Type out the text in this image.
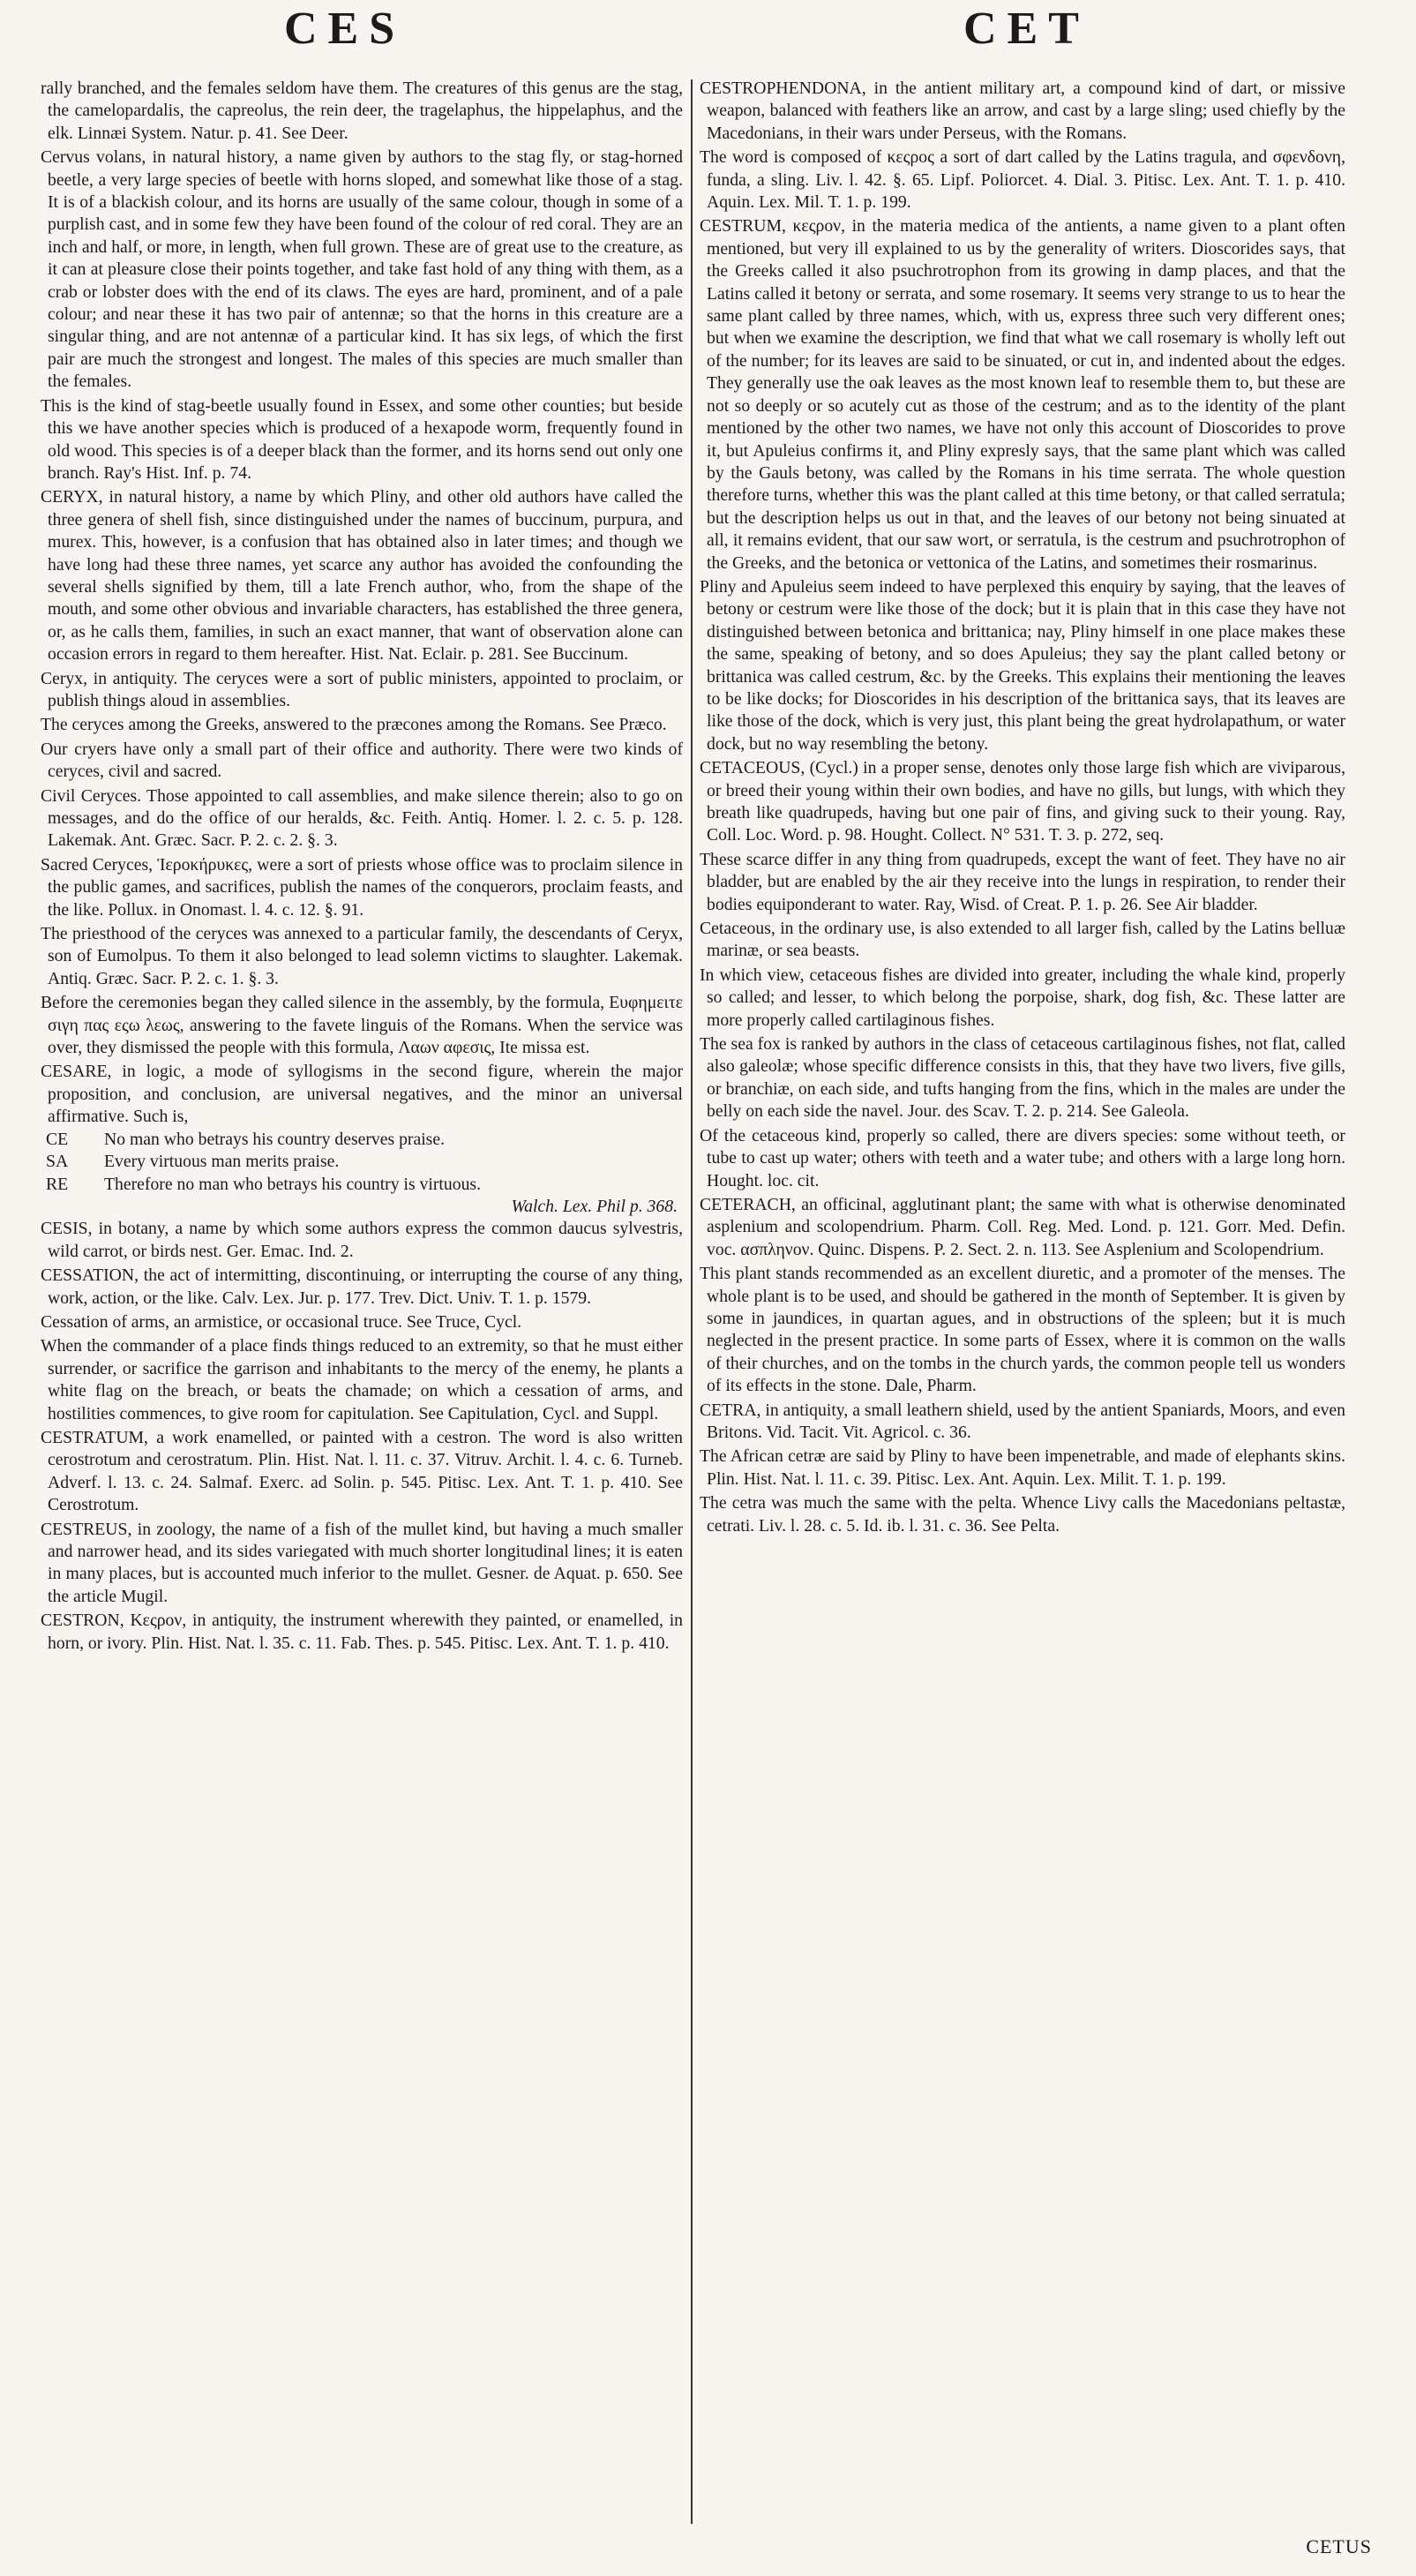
CES	CET
rally branched, and the females seldom have them. The creatures of this genus are the stag, the camelopardalis, the capreolus, the rein deer, the tragelaphus, the hippelaphus, and the elk. Linnæi System. Natur. p. 41. See Deer.
Cervus volans, in natural history, a name given by authors to the stag fly, or stag-horned beetle, a very large species of beetle with horns sloped, and somewhat like those of a stag. It is of a blackish colour, and its horns are usually of the same colour, though in some of a purplish cast, and in some few they have been found of the colour of red coral. They are an inch and half, or more, in length, when full grown. These are of great use to the creature, as it can at pleasure close their points together, and take fast hold of any thing with them, as a crab or lobster does with the end of its claws. The eyes are hard, prominent, and of a pale colour; and near these it has two pair of antennæ; so that the horns in this creature are a singular thing, and are not antennæ of a particular kind. It has six legs, of which the first pair are much the strongest and longest. The males of this species are much smaller than the females.
This is the kind of stag-beetle usually found in Essex, and some other counties; but beside this we have another species which is produced of a hexapode worm, frequently found in old wood. This species is of a deeper black than the former, and its horns send out only one branch. Ray's Hist. Inf. p. 74.
CERYX, in natural history, a name by which Pliny, and other old authors have called the three genera of shell fish, since distinguished under the names of buccinum, purpura, and murex. This, however, is a confusion that has obtained also in later times; and though we have long had these three names, yet scarce any author has avoided the confounding the several shells signified by them, till a late French author, who, from the shape of the mouth, and some other obvious and invariable characters, has established the three genera, or, as he calls them, families, in such an exact manner, that want of observation alone can occasion errors in regard to them hereafter. Hist. Nat. Eclair. p. 281. See Buccinum.
Ceryx, in antiquity. The ceryces were a sort of public ministers, appointed to proclaim, or publish things aloud in assemblies.
The ceryces among the Greeks, answered to the præcones among the Romans. See Præco.
Our cryers have only a small part of their office and authority. There were two kinds of ceryces, civil and sacred.
Civil Ceryces. Those appointed to call assemblies, and make silence therein; also to go on messages, and do the office of our heralds, &c. Feith. Antiq. Homer. l. 2. c. 5. p. 128. Lakemak. Ant. Græc. Sacr. P. 2. c. 2. §. 3.
Sacred Ceryces, Ἱεροκήρυκες, were a sort of priests whose office was to proclaim silence in the public games, and sacrifices, publish the names of the conquerors, proclaim feasts, and the like. Pollux. in Onomast. l. 4. c. 12. §. 91.
The priesthood of the ceryces was annexed to a particular family, the descendants of Ceryx, son of Eumolpus. To them it also belonged to lead solemn victims to slaughter. Lakemak. Antiq. Græc. Sacr. P. 2. c. 1. §. 3.
Before the ceremonies began they called silence in the assembly, by the formula, Ευφημειτε σιγη πας εςω λεως, answering to the favete linguis of the Romans. When the service was over, they dismissed the people with this formula, Λαων αφεσις, Ite missa est.
CESARE, in logic, a mode of syllogisms in the second figure, wherein the major proposition, and conclusion, are universal negatives, and the minor an universal affirmative. Such is,
CE No man who betrays his country deserves praise.
SA Every virtuous man merits praise.
RE Therefore no man who betrays his country is virtuous.
Walch. Lex. Phil p. 368.
CESIS, in botany, a name by which some authors express the common daucus sylvestris, wild carrot, or birds nest. Ger. Emac. Ind. 2.
CESSATION, the act of intermitting, discontinuing, or interrupting the course of any thing, work, action, or the like. Calv. Lex. Jur. p. 177. Trev. Dict. Univ. T. 1. p. 1579.
Cessation of arms, an armistice, or occasional truce. See Truce, Cycl.
When the commander of a place finds things reduced to an extremity, so that he must either surrender, or sacrifice the garrison and inhabitants to the mercy of the enemy, he plants a white flag on the breach, or beats the chamade; on which a cessation of arms, and hostilities commences, to give room for capitulation. See Capitulation, Cycl. and Suppl.
CESTRATUM, a work enamelled, or painted with a cestron. The word is also written cerostrotum and cerostratum. Plin. Hist. Nat. l. 11. c. 37. Vitruv. Archit. l. 4. c. 6. Turneb. Adverf. l. 13. c. 24. Salmaf. Exerc. ad Solin. p. 545. Pitisc. Lex. Ant. T. 1. p. 410. See Cerostrotum.
CESTREUS, in zoology, the name of a fish of the mullet kind, but having a much smaller and narrower head, and its sides variegated with much shorter longitudinal lines; it is eaten in many places, but is accounted much inferior to the mullet. Gesner. de Aquat. p. 650. See the article Mugil.
CESTRON, Κεςρον, in antiquity, the instrument wherewith they painted, or enamelled, in horn, or ivory. Plin. Hist. Nat. l. 35. c. 11. Fab. Thes. p. 545. Pitisc. Lex. Ant. T. 1. p. 410.
CESTROPHENDONA, in the antient military art, a compound kind of dart, or missive weapon, balanced with feathers like an arrow, and cast by a large sling; used chiefly by the Macedonians, in their wars under Perseus, with the Romans.
The word is composed of κεςρος a sort of dart called by the Latins tragula, and σφενδονη, funda, a sling. Liv. l. 42. §. 65. Lipf. Poliorcet. 4. Dial. 3. Pitisc. Lex. Ant. T. 1. p. 410. Aquin. Lex. Mil. T. 1. p. 199.
CESTRUM, κεςρον, in the materia medica of the antients, a name given to a plant often mentioned, but very ill explained to us by the generality of writers. Dioscorides says, that the Greeks called it also psuchrotrophon from its growing in damp places, and that the Latins called it betony or serrata, and some rosemary. It seems very strange to us to hear the same plant called by three names, which, with us, express three such very different ones; but when we examine the description, we find that what we call rosemary is wholly left out of the number; for its leaves are said to be sinuated, or cut in, and indented about the edges. They generally use the oak leaves as the most known leaf to resemble them to, but these are not so deeply or so acutely cut as those of the cestrum; and as to the identity of the plant mentioned by the other two names, we have not only this account of Dioscorides to prove it, but Apuleius confirms it, and Pliny expresly says, that the same plant which was called by the Gauls betony, was called by the Romans in his time serrata. The whole question therefore turns, whether this was the plant called at this time betony, or that called serratula; but the description helps us out in that, and the leaves of our betony not being sinuated at all, it remains evident, that our saw wort, or serratula, is the cestrum and psuchrotrophon of the Greeks, and the betonica or vettonica of the Latins, and sometimes their rosmarinus.
Pliny and Apuleius seem indeed to have perplexed this enquiry by saying, that the leaves of betony or cestrum were like those of the dock; but it is plain that in this case they have not distinguished between betonica and brittanica; nay, Pliny himself in one place makes these the same, speaking of betony, and so does Apuleius; they say the plant called betony or brittanica was called cestrum, &c. by the Greeks. This explains their mentioning the leaves to be like docks; for Dioscorides in his description of the brittanica says, that its leaves are like those of the dock, which is very just, this plant being the great hydrolapathum, or water dock, but no way resembling the betony.
CETACEOUS, (Cycl.) in a proper sense, denotes only those large fish which are viviparous, or breed their young within their own bodies, and have no gills, but lungs, with which they breath like quadrupeds, having but one pair of fins, and giving suck to their young. Ray, Coll. Loc. Word. p. 98. Hought. Collect. N° 531. T. 3. p. 272, seq.
These scarce differ in any thing from quadrupeds, except the want of feet. They have no air bladder, but are enabled by the air they receive into the lungs in respiration, to render their bodies equiponderant to water. Ray, Wisd. of Creat. P. 1. p. 26. See Air bladder.
Cetaceous, in the ordinary use, is also extended to all larger fish, called by the Latins belluæ marinæ, or sea beasts.
In which view, cetaceous fishes are divided into greater, including the whale kind, properly so called; and lesser, to which belong the porpoise, shark, dog fish, &c. These latter are more properly called cartilaginous fishes.
The sea fox is ranked by authors in the class of cetaceous cartilaginous fishes, not flat, called also galeolæ; whose specific difference consists in this, that they have two livers, five gills, or branchiæ, on each side, and tufts hanging from the fins, which in the males are under the belly on each side the navel. Jour. des Scav. T. 2. p. 214. See Galeola.
Of the cetaceous kind, properly so called, there are divers species: some without teeth, or tube to cast up water; others with teeth and a water tube; and others with a large long horn. Hought. loc. cit.
CETERACH, an officinal, agglutinant plant; the same with what is otherwise denominated asplenium and scolopendrium. Pharm. Coll. Reg. Med. Lond. p. 121. Gorr. Med. Defin. voc. ασπληνον. Quinc. Dispens. P. 2. Sect. 2. n. 113. See Asplenium and Scolopendrium.
This plant stands recommended as an excellent diuretic, and a promoter of the menses. The whole plant is to be used, and should be gathered in the month of September. It is given by some in jaundices, in quartan agues, and in obstructions of the spleen; but it is much neglected in the present practice. In some parts of Essex, where it is common on the walls of their churches, and on the tombs in the church yards, the common people tell us wonders of its effects in the stone. Dale, Pharm.
CETRA, in antiquity, a small leathern shield, used by the antient Spaniards, Moors, and even Britons. Vid. Tacit. Vit. Agricol. c. 36.
The African cetræ are said by Pliny to have been impenetrable, and made of elephants skins. Plin. Hist. Nat. l. 11. c. 39. Pitisc. Lex. Ant. Aquin. Lex. Milit. T. 1. p. 199.
The cetra was much the same with the pelta. Whence Livy calls the Macedonians peltastæ, cetrati. Liv. l. 28. c. 5. Id. ib. l. 31. c. 36. See Pelta.
CETUS
